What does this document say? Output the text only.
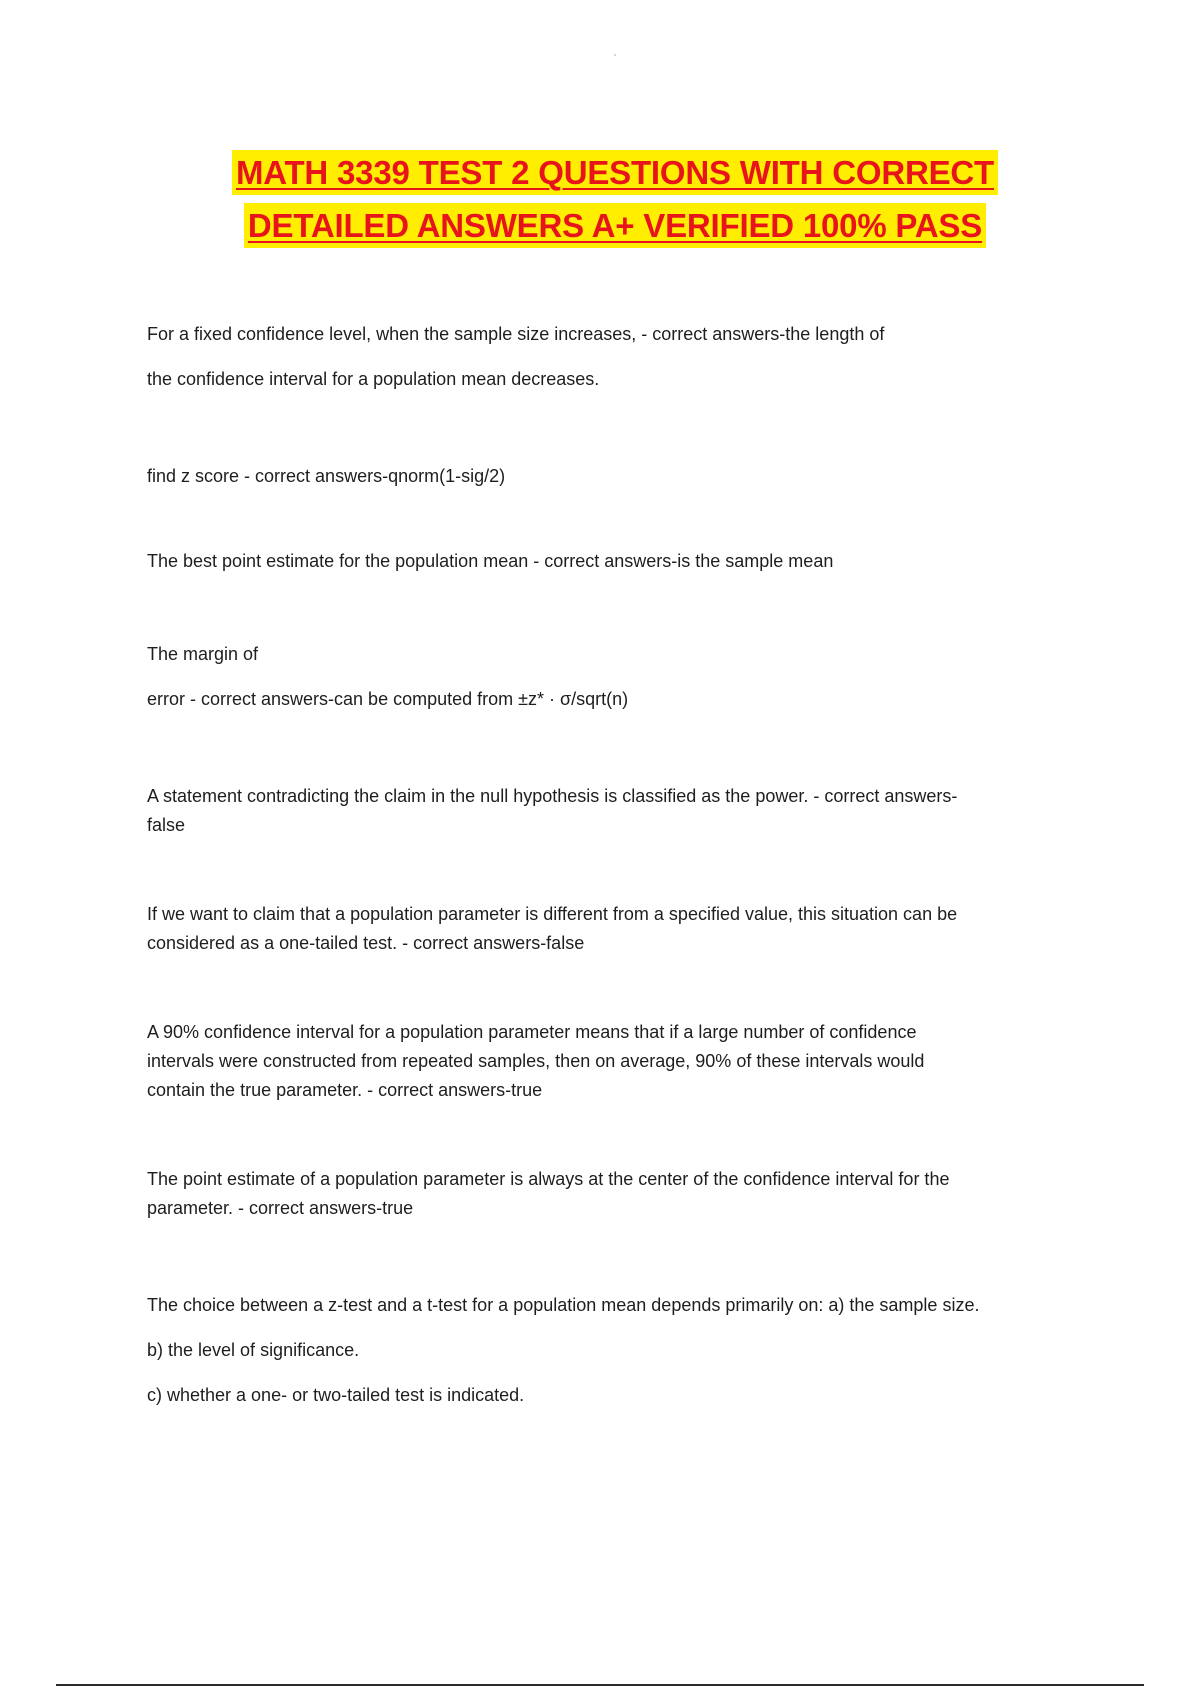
MATH 3339 TEST 2 QUESTIONS WITH CORRECT
DETAILED ANSWERS A+ VERIFIED 100% PASS
For a fixed confidence level, when the sample size increases, - correct answers-the length of
the confidence interval for a population mean decreases.
find z score - correct answers-qnorm(1-sig/2)
The best point estimate for the population mean - correct answers-is the sample mean
The margin of
error - correct answers-can be computed from ±z* · σ/sqrt(n)
A statement contradicting the claim in the null hypothesis is classified as the power. - correct answers-
false
If we want to claim that a population parameter is different from a specified value, this situation can be
considered as a one-tailed test. - correct answers-false
A 90% confidence interval for a population parameter means that if a large number of confidence
intervals were constructed from repeated samples, then on average, 90% of these intervals would
contain the true parameter. - correct answers-true
The point estimate of a population parameter is always at the center of the confidence interval for the
parameter. - correct answers-true
The choice between a z-test and a t-test for a population mean depends primarily on: a) the sample size.
b) the level of significance.
c) whether a one- or two-tailed test is indicated.
